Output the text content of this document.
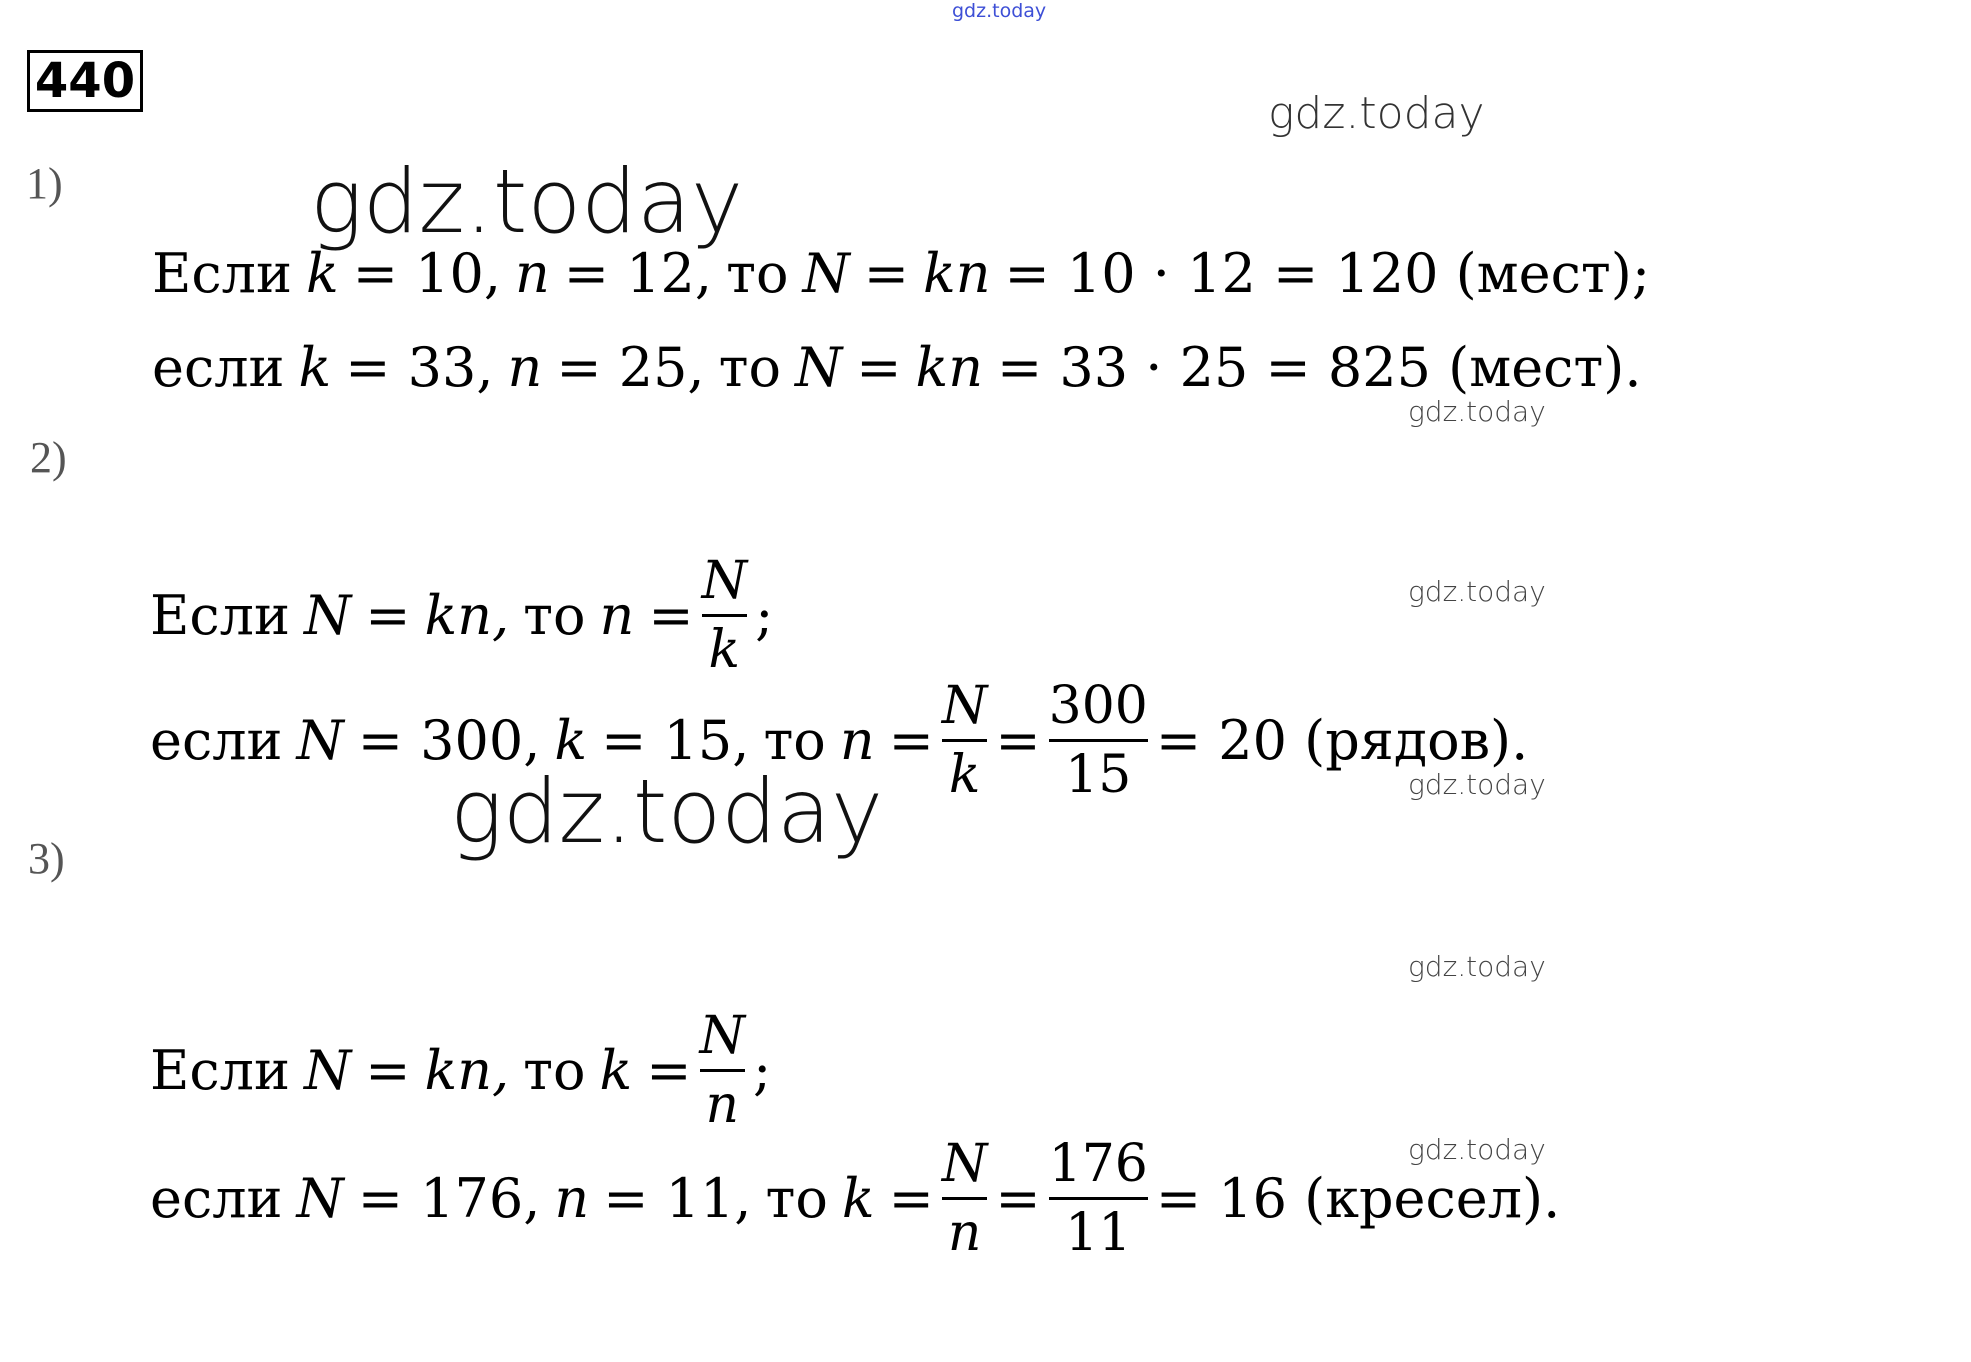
gdz.today
440
gdz.today
gdz.today
gdz.today
gdz.today
gdz.today
gdz.today
gdz.today
1)
2)
3)
Если k = 10, n = 12, то N = kn = 10 · 12 = 120 (мест);
если k = 33, n = 25, то N = kn = 33 · 25 = 825 (мест).
Если N = kn, то $n = \frac{N}{k}$ ;
если N = 300, k = 15, то $n = \frac{N}{k} = \frac{300}{15} = 20$ (рядов).
gdz.today
Если N = kn, то $k = \frac{N}{n}$ ;
если N = 176, n = 11, то $k = \frac{N}{n} = \frac{176}{11} = 16$ (кресел).
